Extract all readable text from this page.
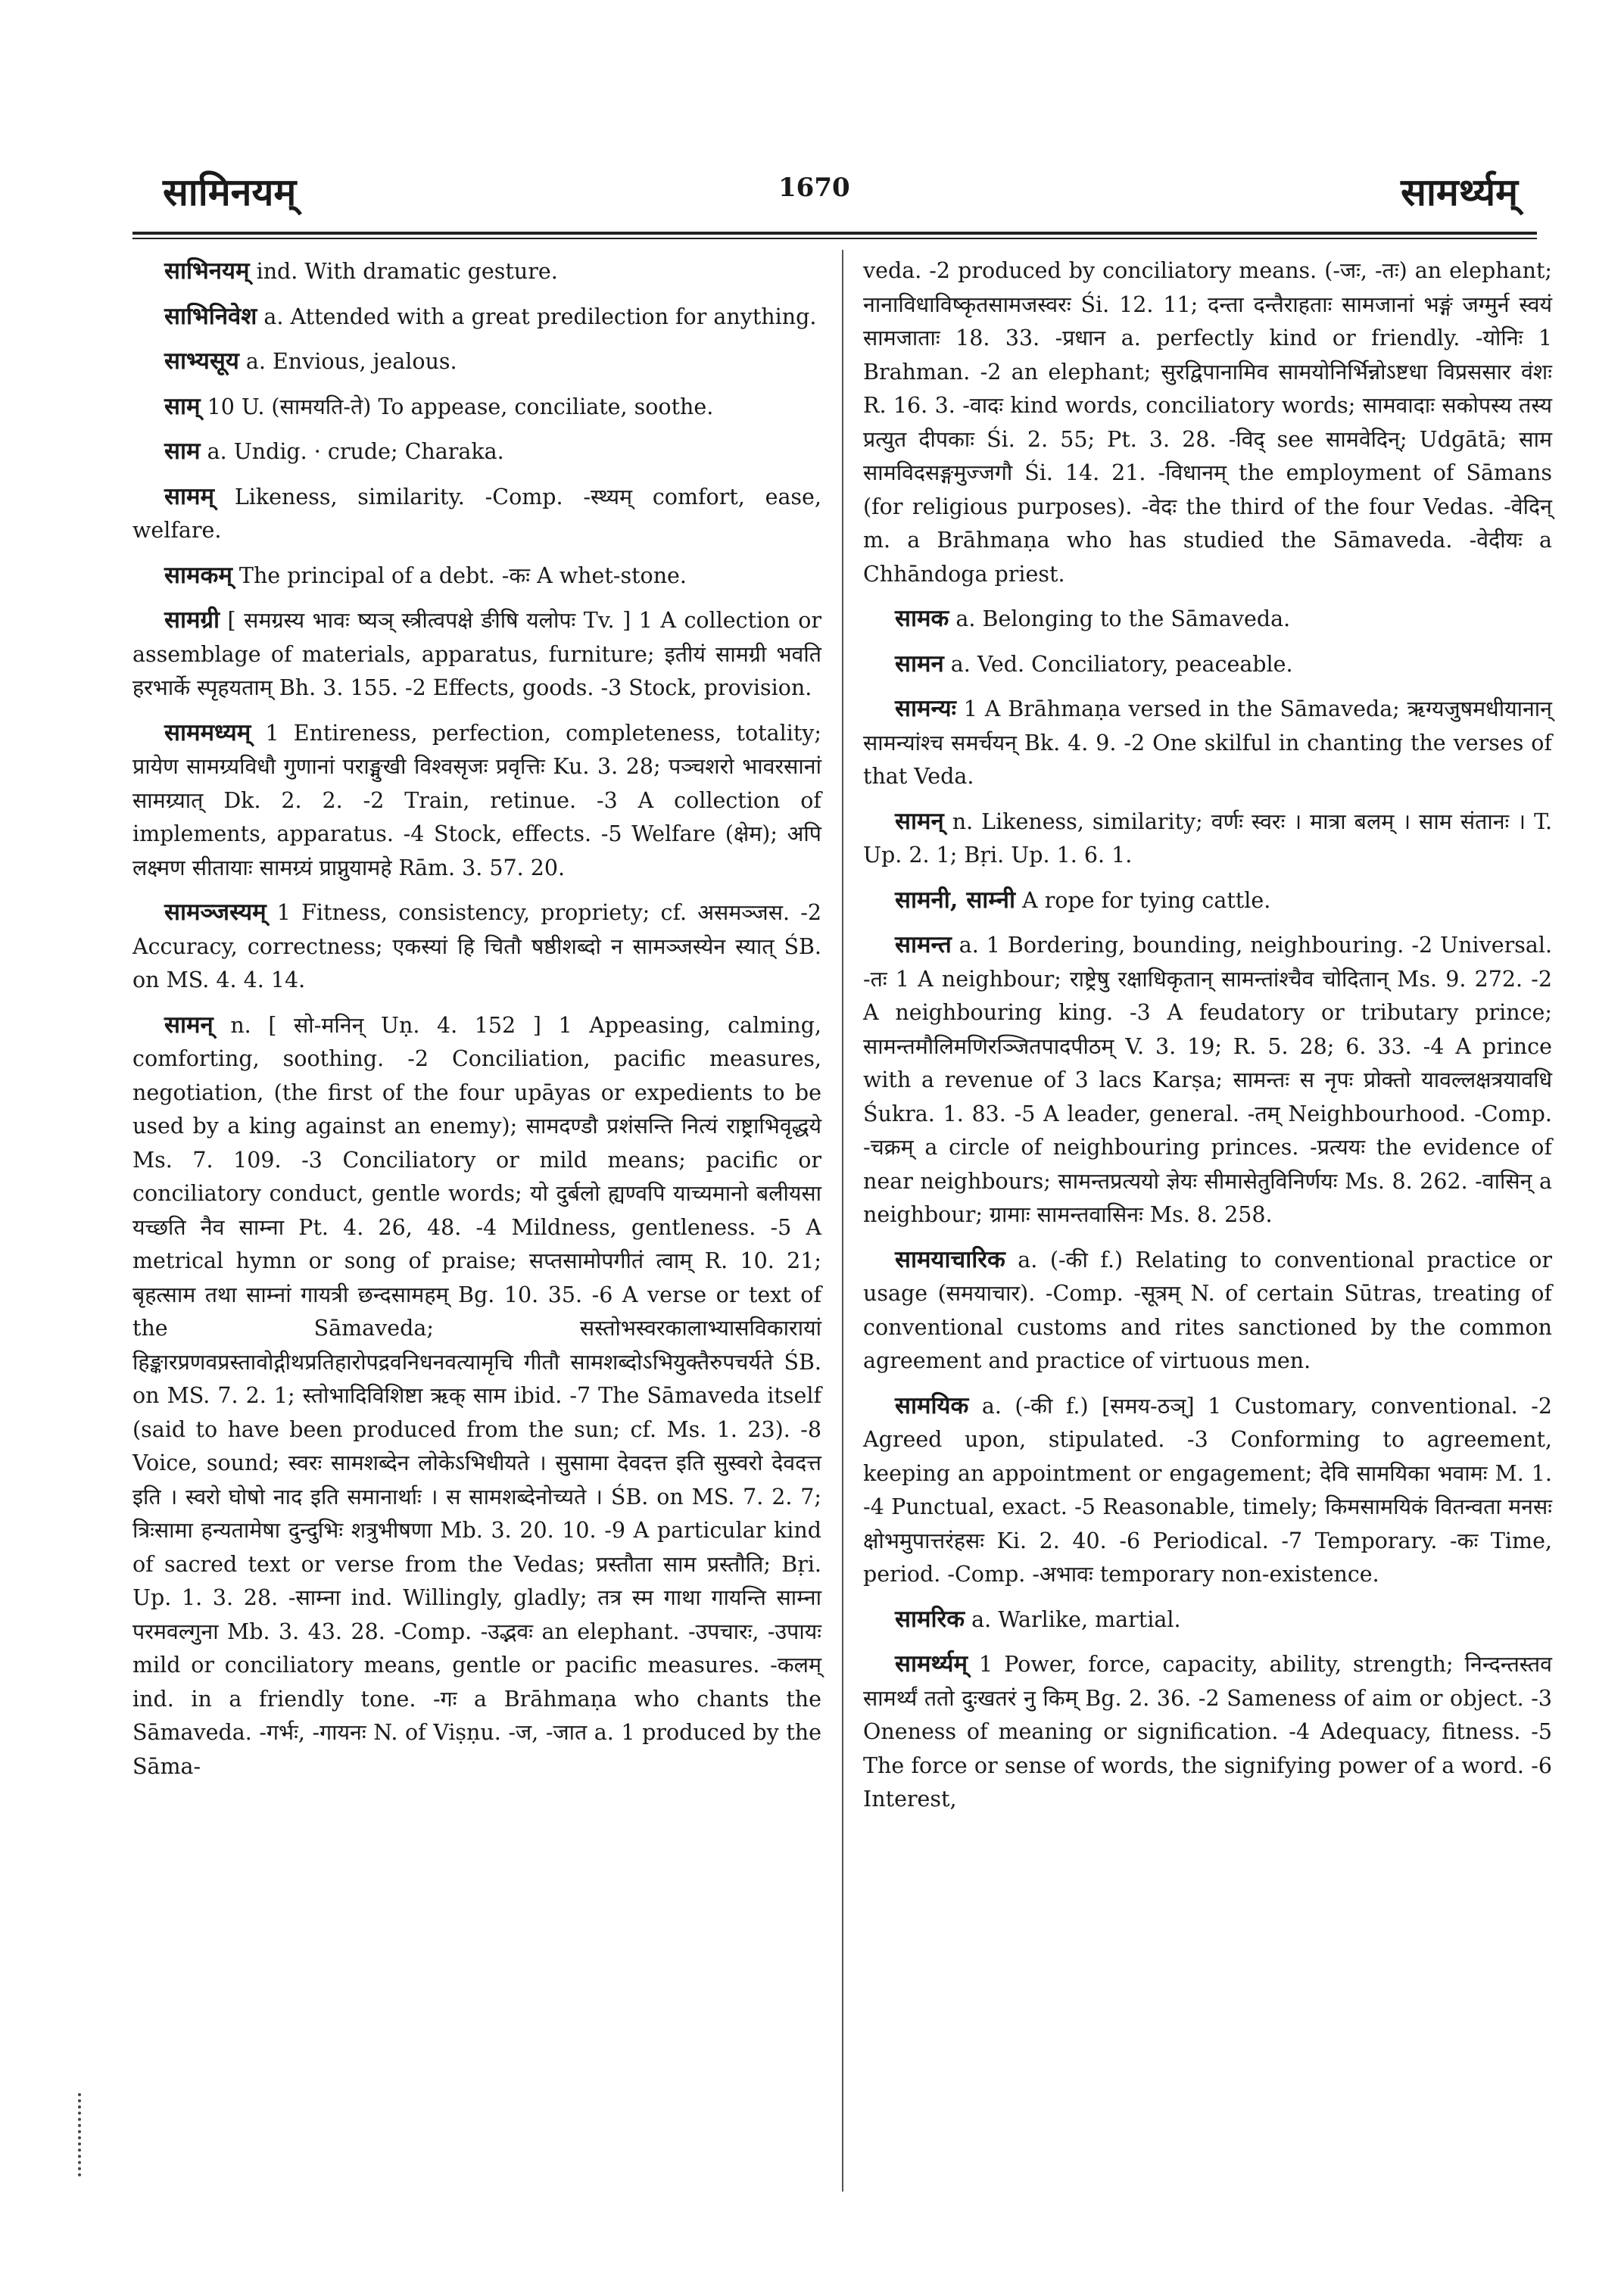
सामिनयम्	1670	सामर्थ्यम्

साभिनयम् ind. With dramatic gesture.

साभिनिवेश a. Attended with a great predilection for anything.

साभ्यसूय a. Envious, jealous.

साम् 10 U. (सामयति-ते) To appease, conciliate, soothe.

साम a. Undig. · crude; Charaka.

सामम् Likeness, similarity. -Comp. -स्थ्यम् comfort, ease, welfare.

सामकम् The principal of a debt. -कः A whet-stone.

सामग्री [ समग्रस्य भावः ष्यञ् स्त्रीत्वपक्षे ङीषि यलोपः Tv. ] 1 A collection or assemblage of materials, apparatus, furniture; इतीयं सामग्री भवति हरभार्के स्पृहयताम् Bh. 3. 155. -2 Effects, goods. -3 Stock, provision.

साममध्यम् 1 Entireness, perfection, completeness, totality; प्रायेण सामग्र्यविधौ गुणानां पराङ्मुखी विश्वसृजः प्रवृत्तिः Ku. 3. 28; पञ्चशरो भावरसानां सामग्र्यात् Dk. 2. 2. -2 Train, retinue. -3 A collection of implements, apparatus. -4 Stock, effects. -5 Welfare (क्षेम); अपि लक्ष्मण सीतायाः सामग्र्यं प्राप्नुयामहे Rām. 3. 57. 20.

सामञ्जस्यम् 1 Fitness, consistency, propriety; cf. असमञ्जस. -2 Accuracy, correctness; एकस्यां हि चितौ षष्ठीशब्दो न सामञ्जस्येन स्यात् ŚB. on MS. 4. 4. 14.

सामन् n. [ सो-मनिन् Uṇ. 4. 152 ] 1 Appeasing, calming, comforting, soothing. -2 Conciliation, pacific measures, negotiation, (the first of the four upāyas or expedients to be used by a king against an enemy); सामदण्डौ प्रशंसन्ति नित्यं राष्ट्राभिवृद्धये Ms. 7. 109. -3 Conciliatory or mild means; pacific or conciliatory conduct, gentle words; यो दुर्बलो ह्यण्वपि याच्यमानो बलीयसा यच्छति नैव साम्ना Pt. 4. 26, 48. -4 Mildness, gentleness. -5 A metrical hymn or song of praise; सप्तसामोपगीतं त्वाम् R. 10. 21; बृहत्साम तथा साम्नां गायत्री छन्दसामहम् Bg. 10. 35. -6 A verse or text of the Sāmaveda; सस्तोभस्वरकालाभ्यासविकारायां हिङ्कारप्रणवप्रस्तावोद्गीथप्रतिहारोपद्रवनिधनवत्यामृचि गीतौ सामशब्दोऽभियुक्तैरुपचर्यते ŚB. on MS. 7. 2. 1; स्तोभादिविशिष्टा ऋक् साम ibid. -7 The Sāmaveda itself (said to have been produced from the sun; cf. Ms. 1. 23). -8 Voice, sound; स्वरः सामशब्देन लोकेऽभिधीयते । सुसामा देवदत्त इति सुस्वरो देवदत्त इति । स्वरो घोषो नाद इति समानार्थाः । स सामशब्देनोच्यते । ŚB. on MS. 7. 2. 7; त्रिःसामा हन्यतामेषा दुन्दुभिः शत्रुभीषणा Mb. 3. 20. 10. -9 A particular kind of sacred text or verse from the Vedas; प्रस्तौता साम प्रस्तौति; Bṛi. Up. 1. 3. 28. -साम्ना ind. Willingly, gladly; तत्र स्म गाथा गायन्ति साम्ना परमवल्गुना Mb. 3. 43. 28. -Comp. -उद्भवः an elephant. -उपचारः, -उपायः mild or conciliatory means, gentle or pacific measures. -कलम् ind. in a friendly tone. -गः a Brāhmaṇa who chants the Sāmaveda. -गर्भः, -गायनः N. of Viṣṇu. -ज, -जात a. 1 produced by the Sāma-

veda. -2 produced by conciliatory means. (-जः, -तः) an elephant; नानाविधाविष्कृतसामजस्वरः Śi. 12. 11; दन्ता दन्तैराहताः सामजानां भङ्गं जग्मुर्न स्वयं सामजाताः 18. 33. -प्रधान a. perfectly kind or friendly. -योनिः 1 Brahman. -2 an elephant; सुरद्विपानामिव सामयोनिर्भिन्नोऽष्टधा विप्रससार वंशः R. 16. 3. -वादः kind words, conciliatory words; सामवादाः सकोपस्य तस्य प्रत्युत दीपकाः Śi. 2. 55; Pt. 3. 28. -विद् see सामवेदिन्; Udgātā; साम सामविदसङ्गमुज्जगौ Śi. 14. 21. -विधानम् the employment of Sāmans (for religious purposes). -वेदः the third of the four Vedas. -वेदिन् m. a Brāhmaṇa who has studied the Sāmaveda. -वेदीयः a Chhāndoga priest.

सामक a. Belonging to the Sāmaveda.

सामन a. Ved. Conciliatory, peaceable.

सामन्यः 1 A Brāhmaṇa versed in the Sāmaveda; ऋग्यजुषमधीयानान् सामन्यांश्च समर्चयन् Bk. 4. 9. -2 One skilful in chanting the verses of that Veda.

सामन् n. Likeness, similarity; वर्णः स्वरः । मात्रा बलम् । साम संतानः । T. Up. 2. 1; Bṛi. Up. 1. 6. 1.

सामनी, साम्नी A rope for tying cattle.

सामन्त a. 1 Bordering, bounding, neighbouring. -2 Universal. -तः 1 A neighbour; राष्ट्रेषु रक्षाधिकृतान् सामन्तांश्चैव चोदितान् Ms. 9. 272. -2 A neighbouring king. -3 A feudatory or tributary prince; सामन्तमौलिमणिरञ्जितपादपीठम् V. 3. 19; R. 5. 28; 6. 33. -4 A prince with a revenue of 3 lacs Karṣa; सामन्तः स नृपः प्रोक्तो यावल्लक्षत्रयावधि Śukra. 1. 83. -5 A leader, general. -तम् Neighbourhood. -Comp. -चक्रम् a circle of neighbouring princes. -प्रत्ययः the evidence of near neighbours; सामन्तप्रत्ययो ज्ञेयः सीमासेतुविनिर्णयः Ms. 8. 262. -वासिन् a neighbour; ग्रामाः सामन्तवासिनः Ms. 8. 258.

सामयाचारिक a. (-की f.) Relating to conventional practice or usage (समयाचार). -Comp. -सूत्रम् N. of certain Sūtras, treating of conventional customs and rites sanctioned by the common agreement and practice of virtuous men.

सामयिक a. (-की f.) [समय-ठञ्] 1 Customary, conventional. -2 Agreed upon, stipulated. -3 Conforming to agreement, keeping an appointment or engagement; देवि सामयिका भवामः M. 1. -4 Punctual, exact. -5 Reasonable, timely; किमसामयिकं वितन्वता मनसः क्षोभमुपात्तरंहसः Ki. 2. 40. -6 Periodical. -7 Temporary. -कः Time, period. -Comp. -अभावः temporary non-existence.

सामरिक a. Warlike, martial.

सामर्थ्यम् 1 Power, force, capacity, ability, strength; निन्दन्तस्तव सामर्थ्यं ततो दुःखतरं नु किम् Bg. 2. 36. -2 Sameness of aim or object. -3 Oneness of meaning or signification. -4 Adequacy, fitness. -5 The force or sense of words, the signifying power of a word. -6 Interest,
